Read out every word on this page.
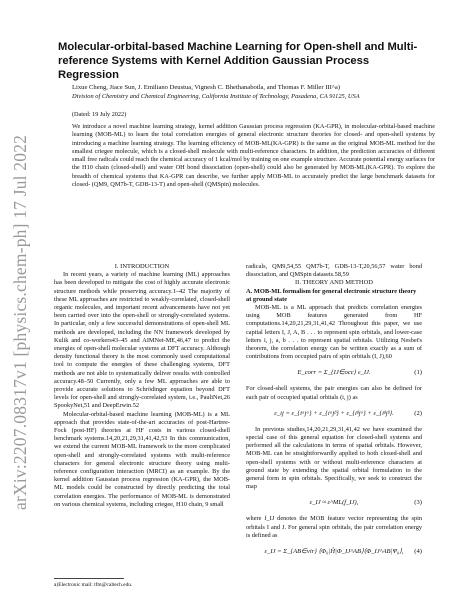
arXiv:2207.08317v1 [physics.chem-ph] 17 Jul 2022
Molecular-orbital-based Machine Learning for Open-shell and Multi-reference Systems with Kernel Addition Gaussian Process Regression
Lixue Cheng, Jiace Sun, J. Emiliano Deustua, Vignesh C. Bhethanabotla, and Thomas F. Miller III^a)
Division of Chemistry and Chemical Engineering, California Institute of Technology, Pasadena, CA 91125, USA
(Dated: 19 July 2022)

We introduce a novel machine learning strategy, kernel addition Gaussian process regression (KA-GPR), in molecular-orbital-based machine learning (MOB-ML) to learn the total correlation energies of general electronic structure theories for closed- and open-shell systems by introducing a machine learning strategy. The learning efficiency of MOB-ML(KA-GPR) is the same as the original MOB-ML method for the smallest criegee molecule, which is a closed-shell molecule with multi-reference characters. In addition, the prediction accuracies of different small free radicals could reach the chemical accuracy of 1 kcal/mol by training on one example structure. Accurate potential energy surfaces for the H10 chain (closed-shell) and water OH bond dissociation (open-shell) could also be generated by MOB-ML(KA-GPR). To explore the breadth of chemical systems that KA-GPR can describe, we further apply MOB-ML to accurately predict the large benchmark datasets for closed- (QM9, QM7b-T, GDB-13-T) and open-shell (QMSpin) molecules.

I. INTRODUCTION

In recent years, a variety of machine learning (ML) approaches has been developed to mitigate the cost of highly accurate electronic structure methods while preserving accuracy.1–42 The majority of these ML approaches are restricted to weakly-correlated, closed-shell organic molecules, and important recent advancements have not yet been carried over into the open-shell or strongly-correlated systems. In particular, only a few successful demonstrations of open-shell ML methods are developed, including the NN framework developed by Kulik and co-workers43–45 and AIMNet-ME,46,47 to predict the energies of open-shell molecular systems at DFT accuracy. Although density functional theory is the most commonly used computational tool to compute the energies of these challenging systems, DFT methods are not able to systematically deliver results with controlled accuracy.48–50 Currently, only a few ML approaches are able to provide accurate solutions to Schrödinger equation beyond DFT levels for open-shell and strongly-correlated system, i.e., PauliNet,26 SpookyNet,51 and DeepErwin.52

Molecular-orbital-based machine learning (MOB-ML) is a ML approach that provides state-of-the-art accuracies of post-Hartree-Fock (post-HF) theories at HF costs in various closed-shell benchmark systems.14,20,21,29,31,41,42,53 In this communication, we extend the current MOB-ML framework to the more complicated open-shell and strongly-correlated systems with multi-reference characters for general electronic structure theory using multi-reference configuration interaction (MRCI) as an example. By the kernel addition Gaussian process regression (KA-GPR), the MOB-ML models could be constructed by directly predicting the total correlation energies. The performance of MOB-ML is demonstrated on various chemical systems, including criegee, H10 chain, 9 small

radicals, QM9,54,55 QM7b-T, GDB-13-T,20,56,57 water bond dissociation, and QMSpin datasets.58,59

II. THEORY AND METHOD

A. MOB-ML formalism for general electronic structure theory at ground state

MOB-ML is a ML approach that predicts correlation energies using MOB features generated from HF computations.14,20,21,29,31,41,42 Throughout this paper, we use capital letters I, J, A, B . . . to represent spin orbitals, and lower-case letters i, j, a, b . . . to represent spatial orbitals. Utilizing Nesbet's theorem, the correlation energy can be written exactly as a sum of contributions from occupied pairs of spin orbitals (I, J),60

E_corr = Σ_{IJ∈occ} ε_IJ.	(1)

For closed-shell systems, the pair energies can also be defined for each pair of occupied spatial orbitals (i, j) as

ε_ij = ε_{iᵅjᵅ} + ε_{iᵅjᵝ} + ε_{iᵝjᵅ} + ε_{iᵝjᵝ}.	(2)

In previous studies,14,20,21,29,31,41,42 we have examined the special case of this general equation for closed-shell systems and performed all the calculations in terms of spatial orbitals. However, MOB-ML can be straightforwardly applied to both closed-shell and open-shell systems with or without multi-reference characters at ground state by extending the spatial orbital formulation to the general form in spin orbitals. Specifically, we seek to construct the map

ε_IJ ≈ ε^ML(f_IJ),	(3)

where f_IJ denotes the MOB feature vector representing the spin orbitals I and J. For general spin orbitals, the pair correlation energy is defined as

ε_IJ = Σ_{AB∈vir} ⟨Φ₀|Ĥ|Φ_IJ^AB⟩⟨Φ_IJ^AB|Ψ₀⟩, (4)
a)Electronic mail: tfm@caltech.edu.
